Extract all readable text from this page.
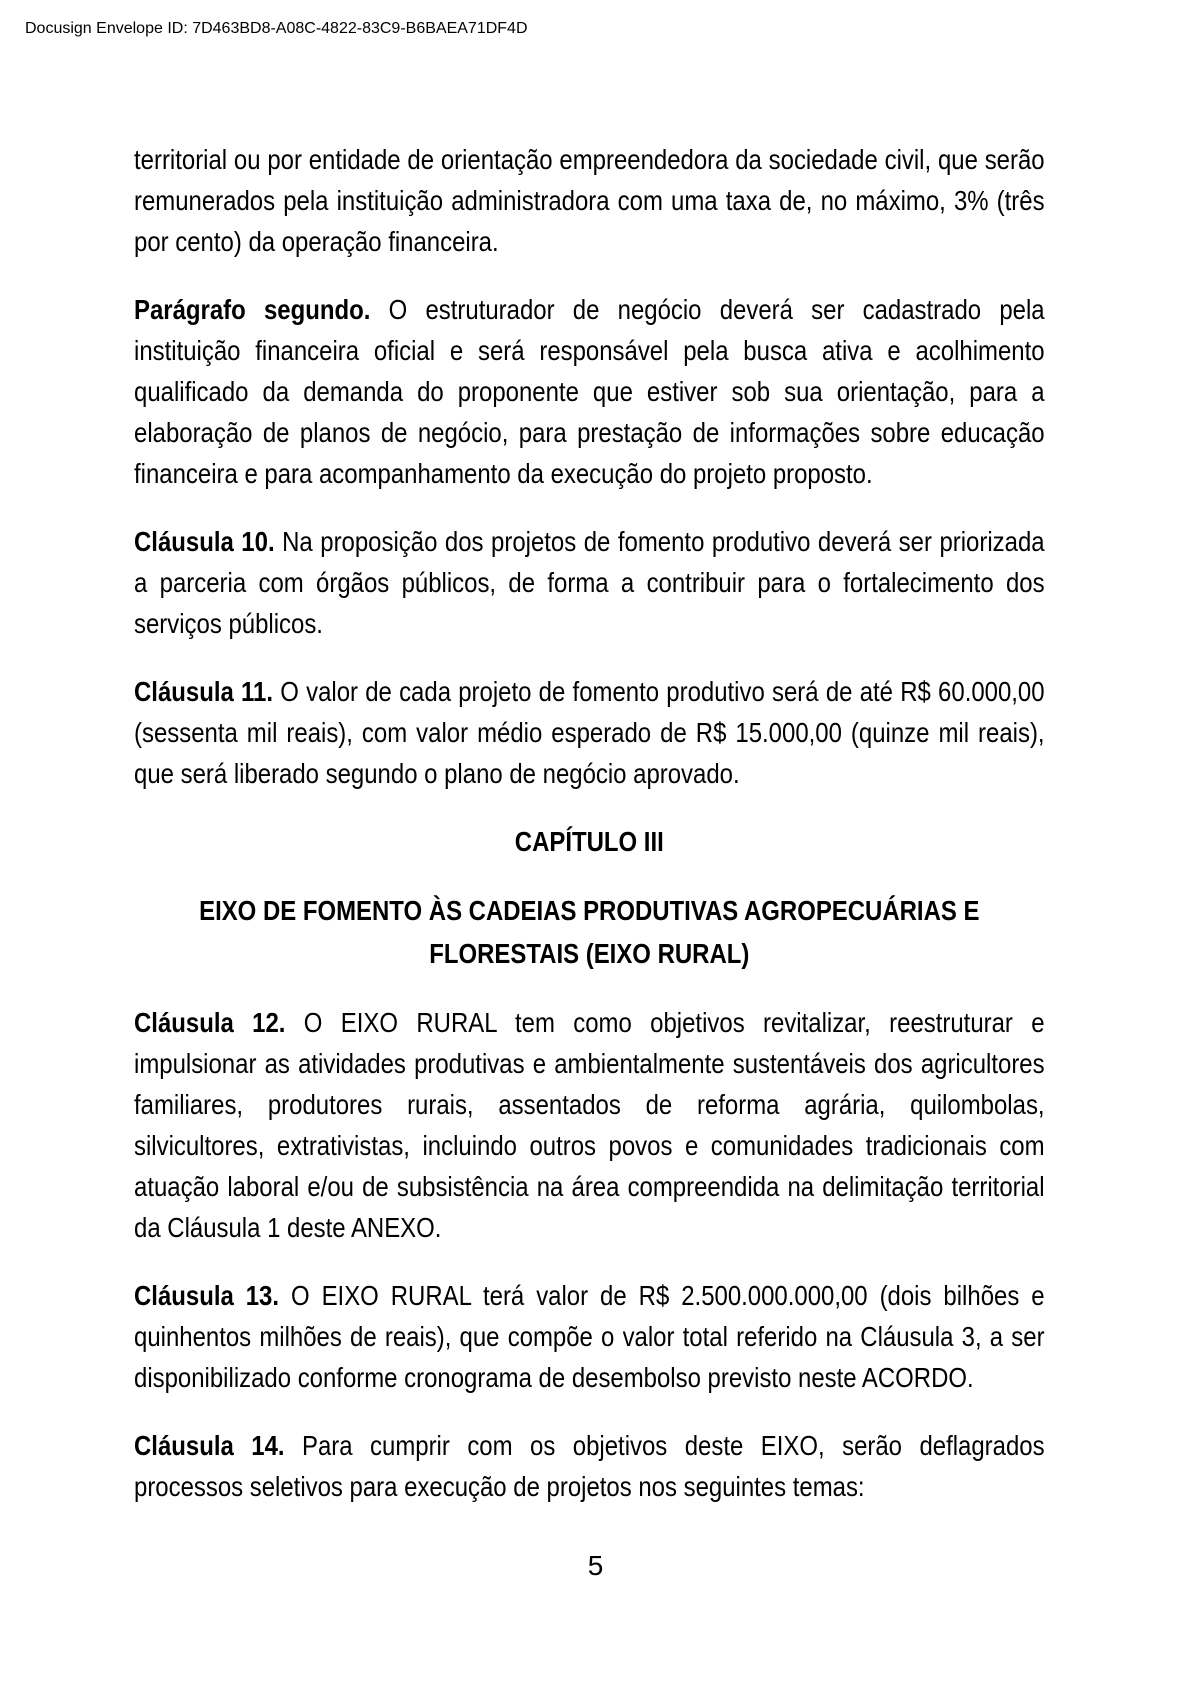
Docusign Envelope ID: 7D463BD8-A08C-4822-83C9-B6BAEA71DF4D

territorial ou por entidade de orientação empreendedora da sociedade civil, que serão remunerados pela instituição administradora com uma taxa de, no máximo, 3% (três por cento) da operação financeira.

Parágrafo segundo. O estruturador de negócio deverá ser cadastrado pela instituição financeira oficial e será responsável pela busca ativa e acolhimento qualificado da demanda do proponente que estiver sob sua orientação, para a elaboração de planos de negócio, para prestação de informações sobre educação financeira e para acompanhamento da execução do projeto proposto.

Cláusula 10. Na proposição dos projetos de fomento produtivo deverá ser priorizada a parceria com órgãos públicos, de forma a contribuir para o fortalecimento dos serviços públicos.

Cláusula 11. O valor de cada projeto de fomento produtivo será de até R$ 60.000,00 (sessenta mil reais), com valor médio esperado de R$ 15.000,00 (quinze mil reais), que será liberado segundo o plano de negócio aprovado.

CAPÍTULO III
EIXO DE FOMENTO ÀS CADEIAS PRODUTIVAS AGROPECUÁRIAS E
FLORESTAIS (EIXO RURAL)

Cláusula 12. O EIXO RURAL tem como objetivos revitalizar, reestruturar e impulsionar as atividades produtivas e ambientalmente sustentáveis dos agricultores familiares, produtores rurais, assentados de reforma agrária, quilombolas, silvicultores, extrativistas, incluindo outros povos e comunidades tradicionais com atuação laboral e/ou de subsistência na área compreendida na delimitação territorial da Cláusula 1 deste ANEXO.

Cláusula 13. O EIXO RURAL terá valor de R$ 2.500.000.000,00 (dois bilhões e quinhentos milhões de reais), que compõe o valor total referido na Cláusula 3, a ser disponibilizado conforme cronograma de desembolso previsto neste ACORDO.

Cláusula 14. Para cumprir com os objetivos deste EIXO, serão deflagrados processos seletivos para execução de projetos nos seguintes temas:

5
